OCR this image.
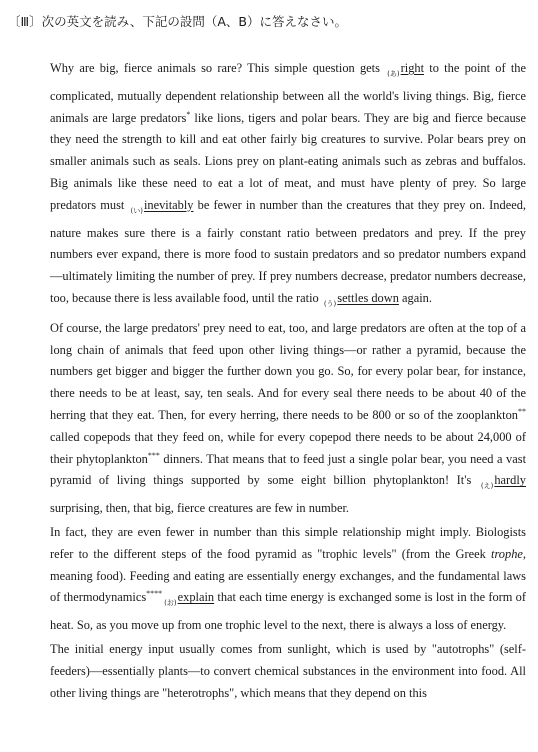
〔Ⅲ〕次の英文を読み、下記の設問（A、B）に答えなさい。

Why are big, fierce animals so rare? This simple question gets (あ)right to the point of the complicated, mutually dependent relationship between all the world's living things. Big, fierce animals are large predators* like lions, tigers and polar bears. They are big and fierce because they need the strength to kill and eat other fairly big creatures to survive. Polar bears prey on smaller animals such as seals. Lions prey on plant-eating animals such as zebras and buffalos. Big animals like these need to eat a lot of meat, and must have plenty of prey. So large predators must (い)inevitably be fewer in number than the creatures that they prey on. Indeed, nature makes sure there is a fairly constant ratio between predators and prey. If the prey numbers ever expand, there is more food to sustain predators and so predator numbers expand—ultimately limiting the number of prey. If prey numbers decrease, predator numbers decrease, too, because there is less available food, until the ratio (う)settles down again.

Of course, the large predators' prey need to eat, too, and large predators are often at the top of a long chain of animals that feed upon other living things—or rather a pyramid, because the numbers get bigger and bigger the further down you go. So, for every polar bear, for instance, there needs to be at least, say, ten seals. And for every seal there needs to be about 40 of the herring that they eat. Then, for every herring, there needs to be 800 or so of the zooplankton** called copepods that they feed on, while for every copepod there needs to be about 24,000 of their phytoplankton*** dinners. That means that to feed just a single polar bear, you need a vast pyramid of living things supported by some eight billion phytoplankton! It's (え)hardly surprising, then, that big, fierce creatures are few in number.

In fact, they are even fewer in number than this simple relationship might imply. Biologists refer to the different steps of the food pyramid as "trophic levels" (from the Greek trophe, meaning food). Feeding and eating are essentially energy exchanges, and the fundamental laws of thermodynamics****(お)explain that each time energy is exchanged some is lost in the form of heat. So, as you move up from one trophic level to the next, there is always a loss of energy.

The initial energy input usually comes from sunlight, which is used by "autotrophs" (self-feeders)—essentially plants—to convert chemical substances in the environment into food. All other living things are "heterotrophs", which means that they depend on this
